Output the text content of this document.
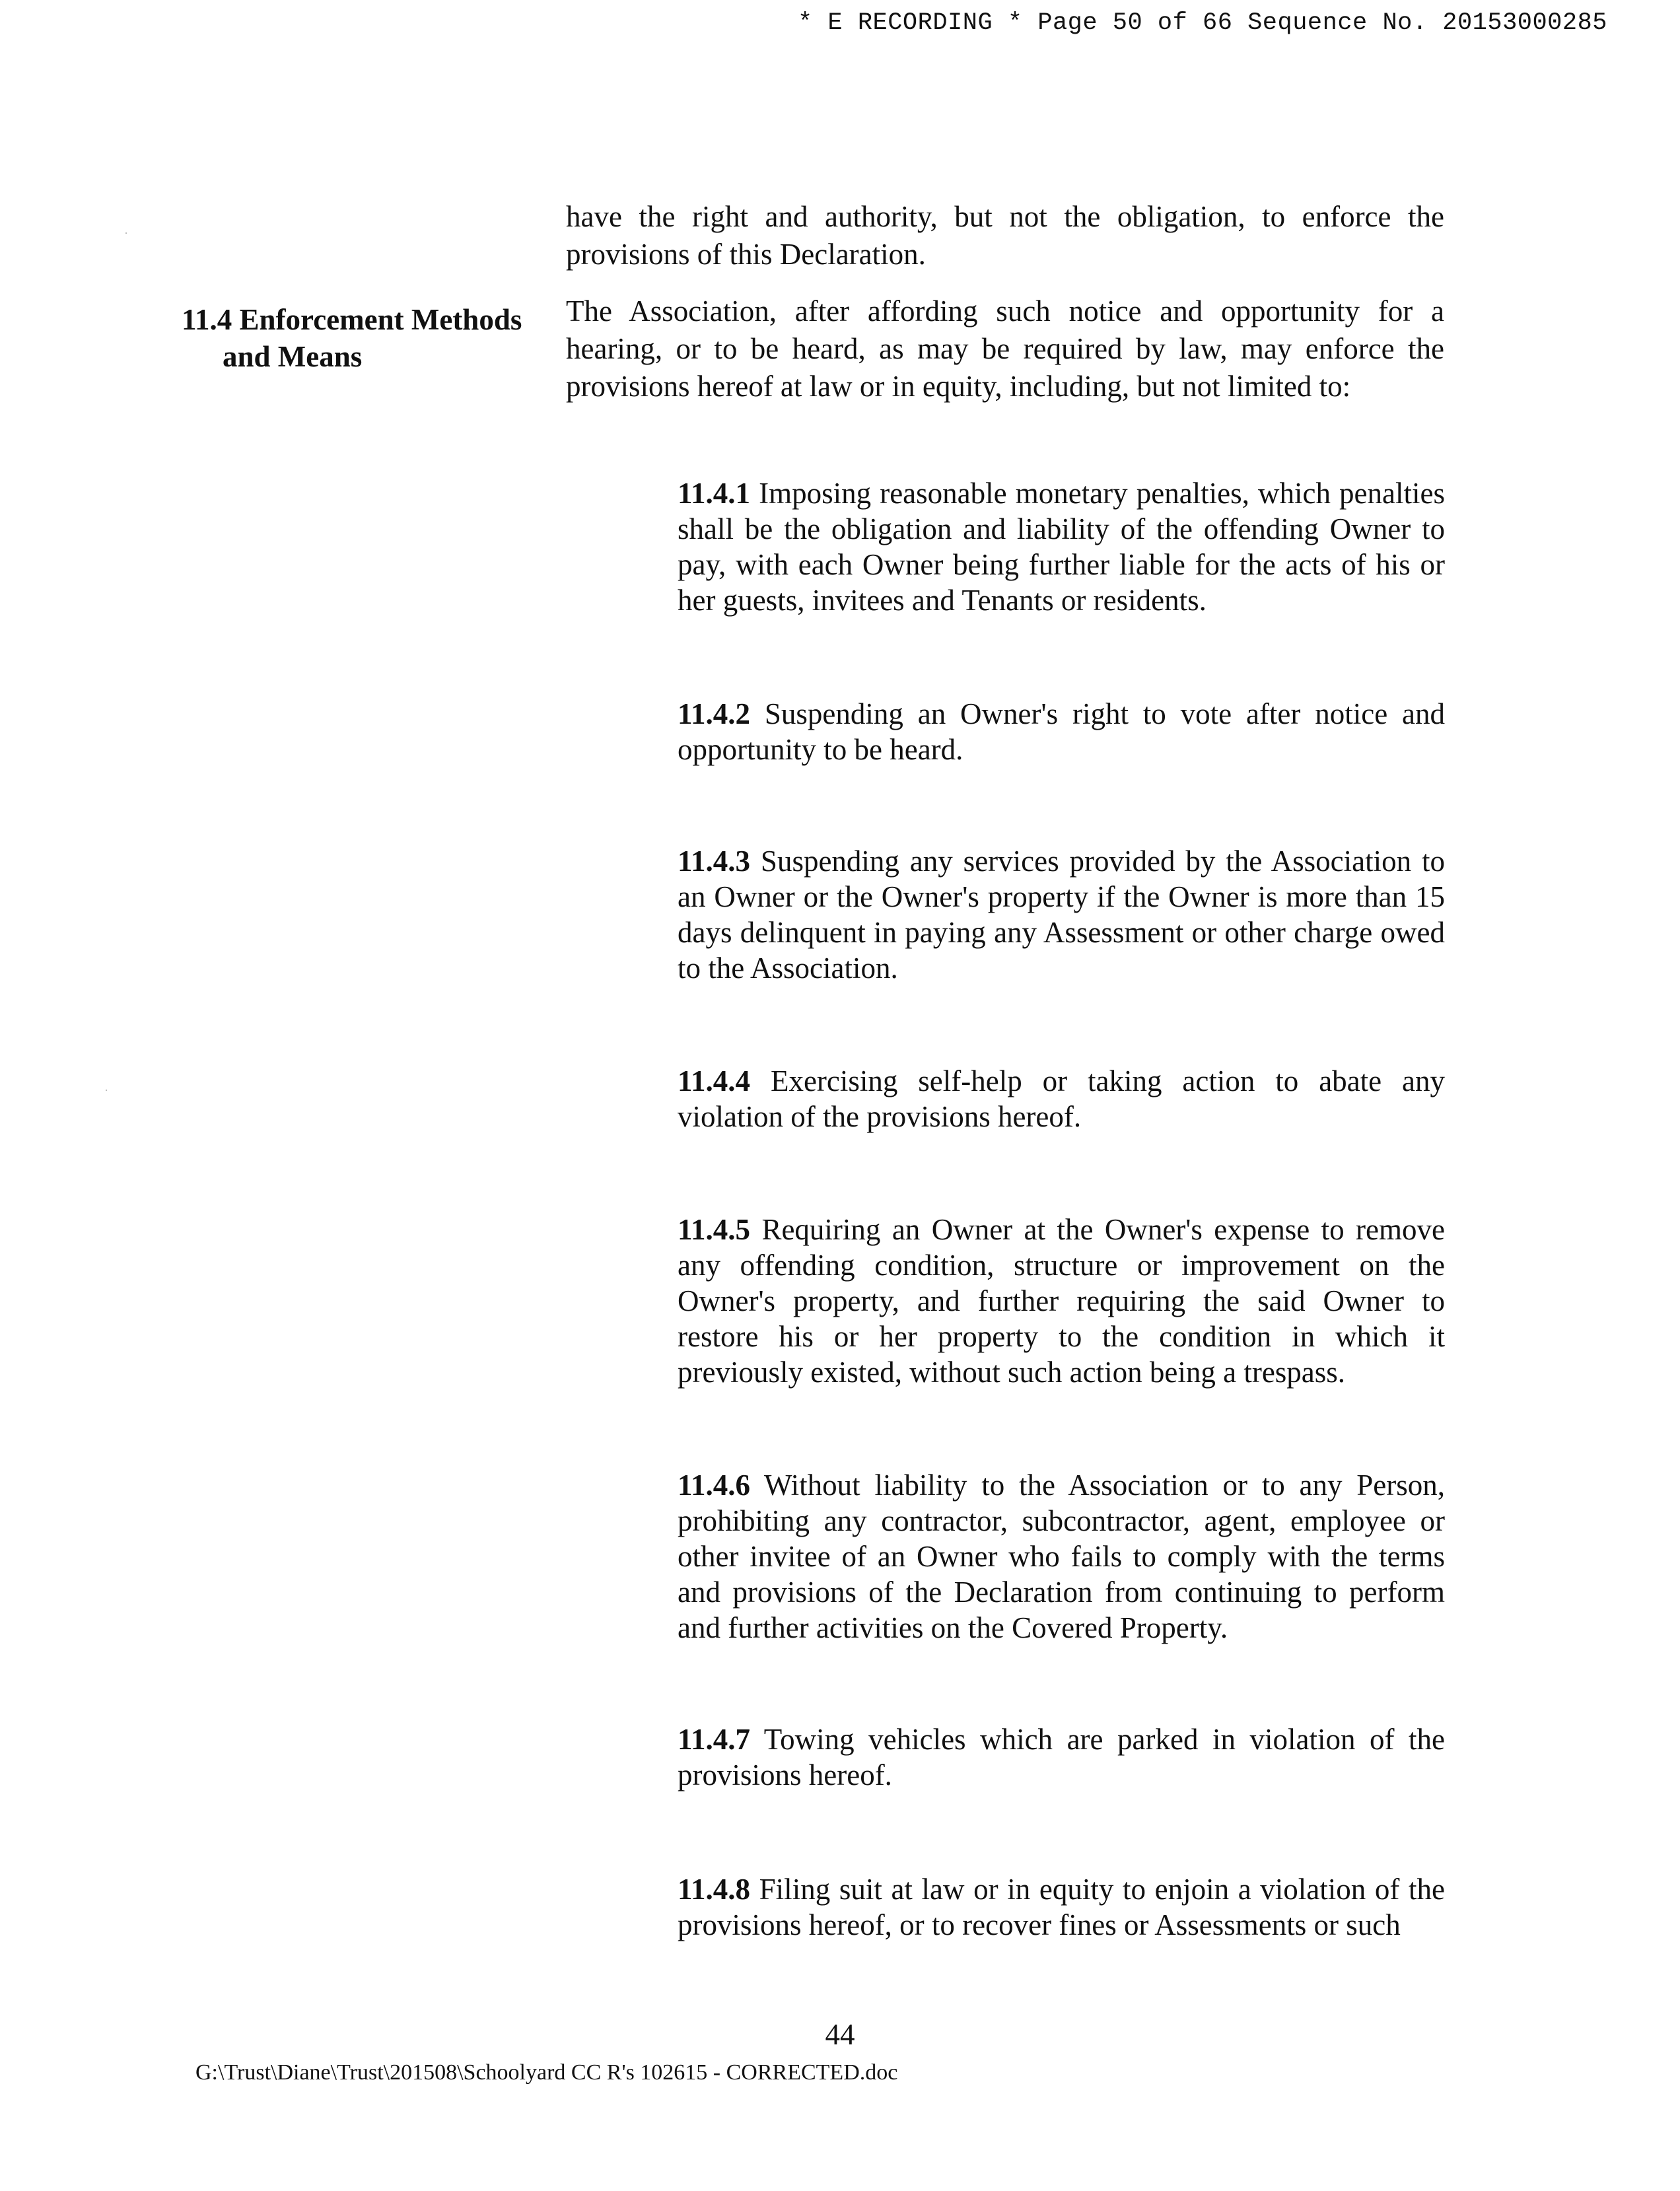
* E RECORDING * Page 50 of 66 Sequence No. 20153000285
have the right and authority, but not the obligation, to enforce the provisions of this Declaration.
11.4 Enforcement Methods
and Means
The Association, after affording such notice and opportunity for a hearing, or to be heard, as may be required by law, may enforce the provisions hereof at law or in equity, including, but not limited to:
11.4.1 Imposing reasonable monetary penalties, which penalties shall be the obligation and liability of the offending Owner to pay, with each Owner being further liable for the acts of his or her guests, invitees and Tenants or residents.
11.4.2 Suspending an Owner's right to vote after notice and opportunity to be heard.
11.4.3 Suspending any services provided by the Association to an Owner or the Owner's property if the Owner is more than 15 days delinquent in paying any Assessment or other charge owed to the Association.
11.4.4 Exercising self-help or taking action to abate any violation of the provisions hereof.
11.4.5 Requiring an Owner at the Owner's expense to remove any offending condition, structure or improvement on the Owner's property, and further requiring the said Owner to restore his or her property to the condition in which it previously existed, without such action being a trespass.
11.4.6 Without liability to the Association or to any Person, prohibiting any contractor, subcontractor, agent, employee or other invitee of an Owner who fails to comply with the terms and provisions of the Declaration from continuing to perform and further activities on the Covered Property.
11.4.7 Towing vehicles which are parked in violation of the provisions hereof.
11.4.8 Filing suit at law or in equity to enjoin a violation of the provisions hereof, or to recover fines or Assessments or such
44
G:\Trust\Diane\Trust\201508\Schoolyard CC R's 102615 - CORRECTED.doc
